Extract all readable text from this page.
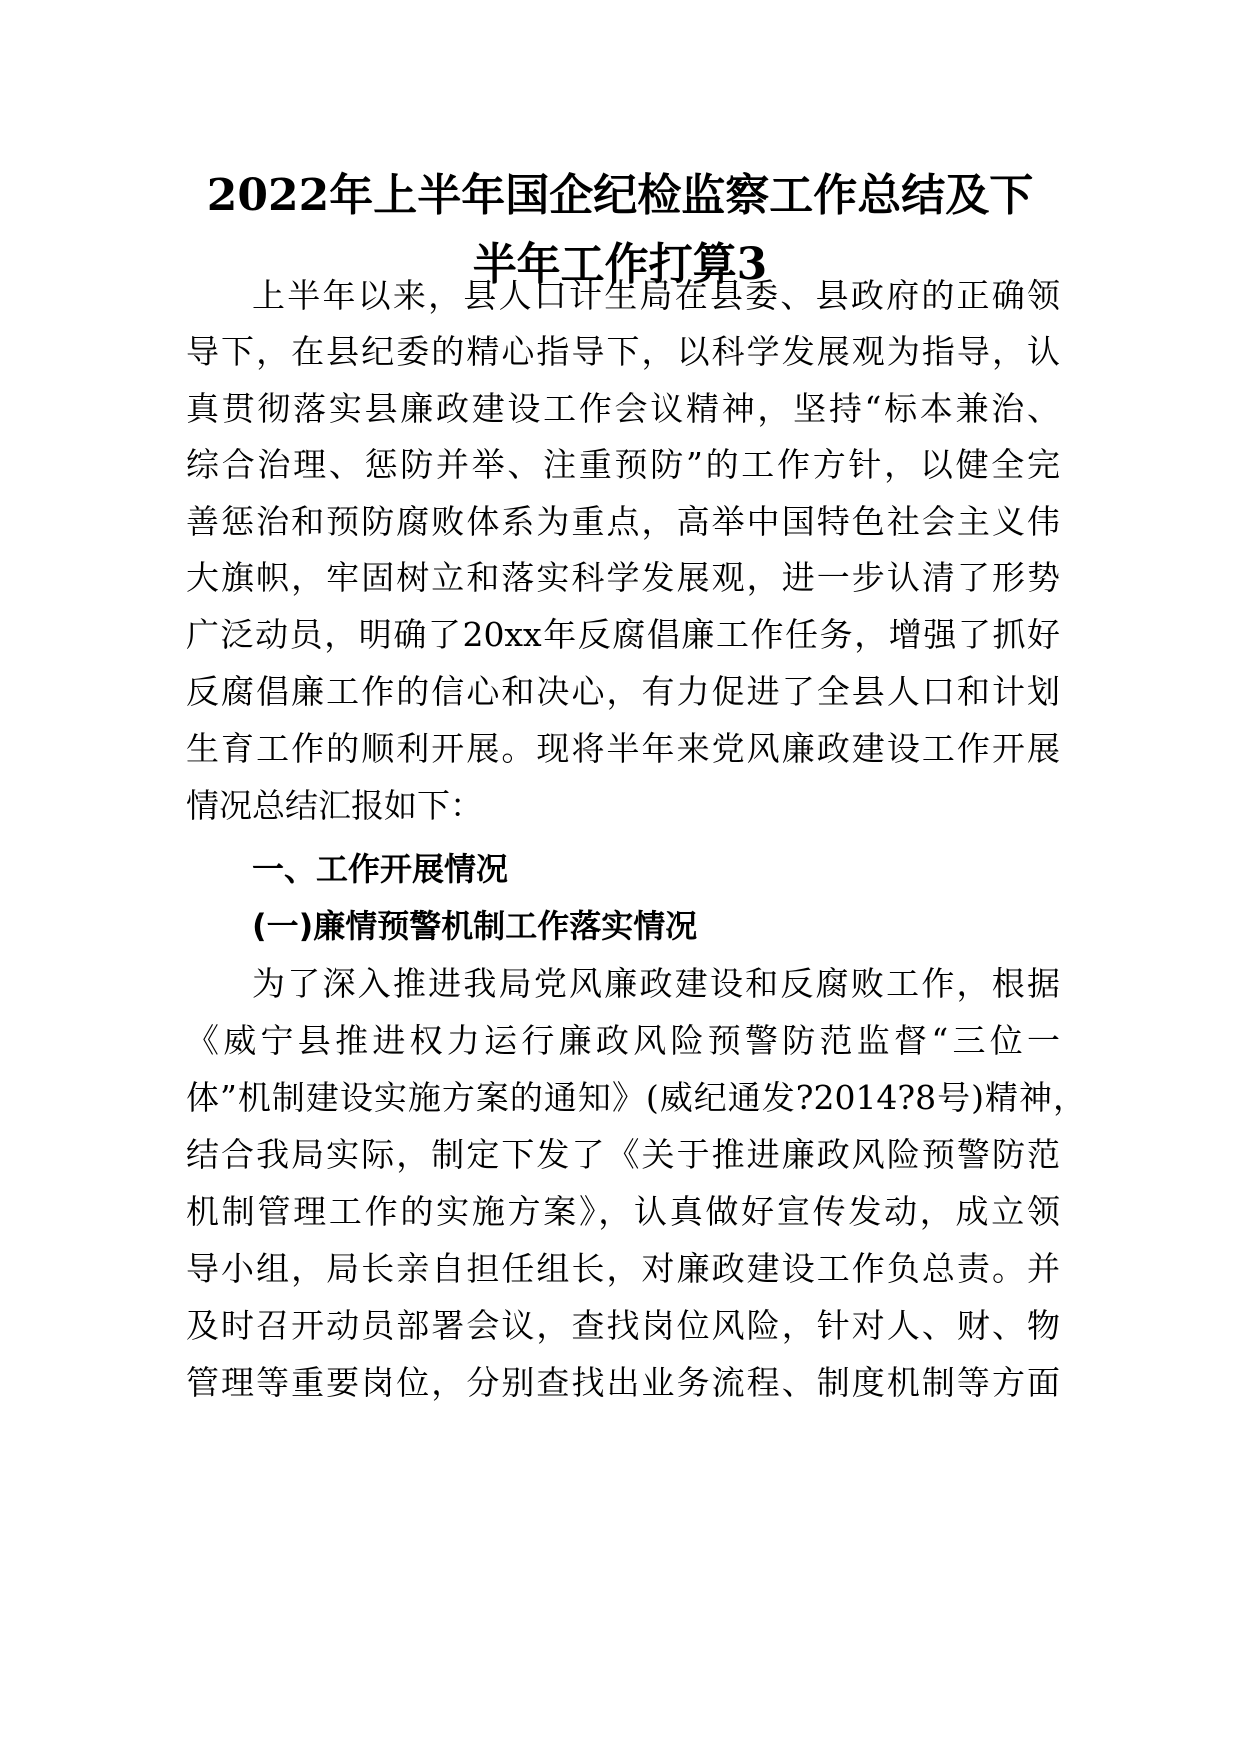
2022年上半年国企纪检监察工作总结及下
半年工作打算3
上半年以来，县人口计生局在县委、县政府的正确领
导下，在县纪委的精心指导下，以科学发展观为指导，认
真贯彻落实县廉政建设工作会议精神，坚持“标本兼治、
综合治理、惩防并举、注重预防”的工作方针，以健全完
善惩治和预防腐败体系为重点，高举中国特色社会主义伟
大旗帜，牢固树立和落实科学发展观，进一步认清了形势
广泛动员，明确了20xx年反腐倡廉工作任务，增强了抓好
反腐倡廉工作的信心和决心，有力促进了全县人口和计划
生育工作的顺利开展。现将半年来党风廉政建设工作开展
情况总结汇报如下：
一、工作开展情况
(一)廉情预警机制工作落实情况
为了深入推进我局党风廉政建设和反腐败工作，根据
《威宁县推进权力运行廉政风险预警防范监督“三位一
体”机制建设实施方案的通知》(威纪通发?2014?8号)精神，
结合我局实际，制定下发了《关于推进廉政风险预警防范
机制管理工作的实施方案》，认真做好宣传发动，成立领
导小组，局长亲自担任组长，对廉政建设工作负总责。并
及时召开动员部署会议，查找岗位风险，针对人、财、物
管理等重要岗位，分别查找出业务流程、制度机制等方面
